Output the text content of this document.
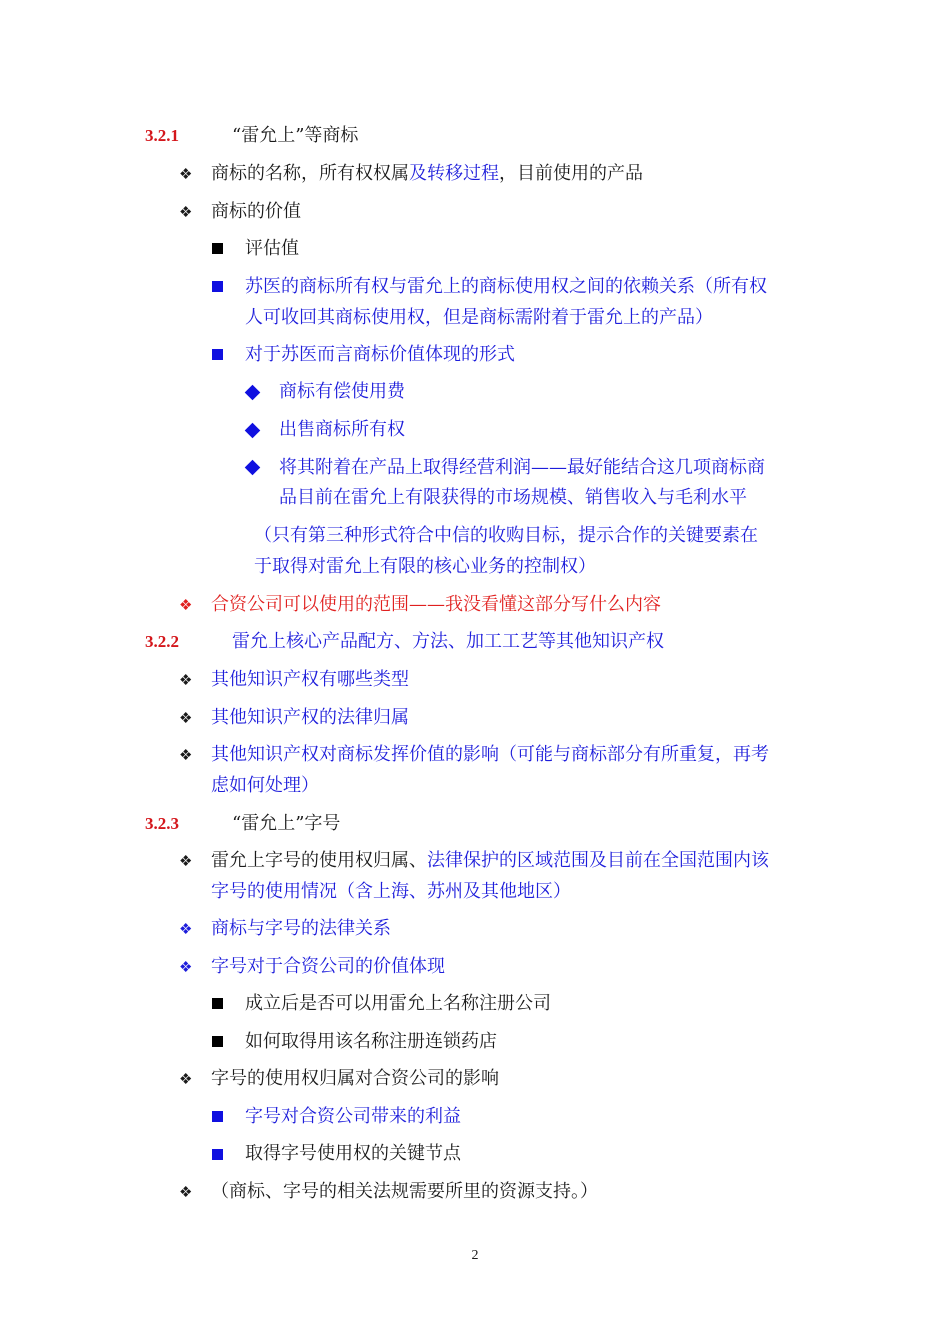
3.2.1	“雷允上”等商标
❖ 商标的名称，所有权权属及转移过程，目前使用的产品
❖ 商标的价值
评估值
苏医的商标所有权与雷允上的商标使用权之间的依赖关系（所有权
人可收回其商标使用权，但是商标需附着于雷允上的产品）
对于苏医而言商标价值体现的形式
商标有偿使用费
出售商标所有权
将其附着在产品上取得经营利润——最好能结合这几项商标商
品目前在雷允上有限获得的市场规模、销售收入与毛利水平
（只有第三种形式符合中信的收购目标，提示合作的关键要素在
于取得对雷允上有限的核心业务的控制权）
❖ 合资公司可以使用的范围——我没看懂这部分写什么内容
3.2.2	雷允上核心产品配方、方法、加工工艺等其他知识产权
❖ 其他知识产权有哪些类型
❖ 其他知识产权的法律归属
❖ 其他知识产权对商标发挥价值的影响（可能与商标部分有所重复，再考
虑如何处理）
3.2.3	“雷允上”字号
❖ 雷允上字号的使用权归属、法律保护的区域范围及目前在全国范围内该
字号的使用情况（含上海、苏州及其他地区）
❖ 商标与字号的法律关系
❖ 字号对于合资公司的价值体现
成立后是否可以用雷允上名称注册公司
如何取得用该名称注册连锁药店
❖ 字号的使用权归属对合资公司的影响
字号对合资公司带来的利益
取得字号使用权的关键节点
❖ （商标、字号的相关法规需要所里的资源支持。）
2
